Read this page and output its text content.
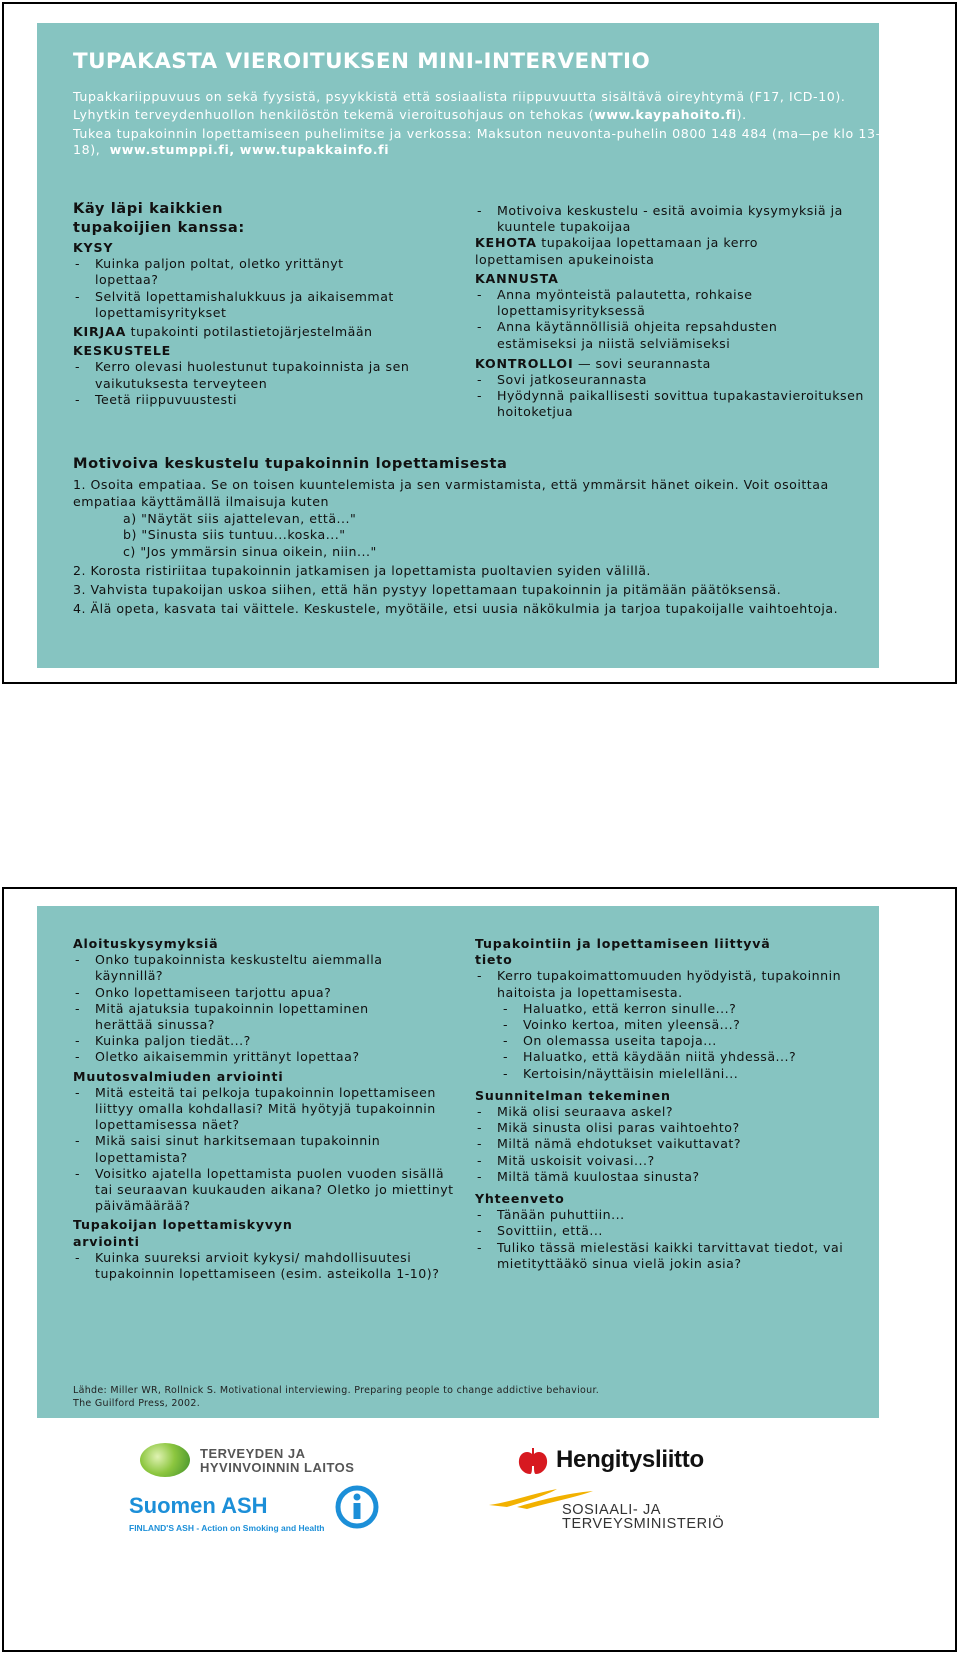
TUPAKASTA VIEROITUKSEN MINI-INTERVENTIO

Tupakkariippuvuus on sekä fyysistä, psyykkistä että sosiaalista riippuvuutta sisältävä oireyhtymä (F17, ICD-10).

Lyhytkin terveydenhuollon henkilöstön tekemä vieroitusohjaus on tehokas (www.kaypahoito.fi).

Tukea tupakoinnin lopettamiseen puhelimitse ja verkossa: Maksuton neuvonta-puhelin 0800 148 484 (ma—pe klo 13—18), www.stumppi.fi, www.tupakkainfo.fi

Käy läpi kaikkien tupakoijien kanssa:
KYSY
- Kuinka paljon poltat, oletko yrittänyt lopettaa?
- Selvitä lopettamishalukkuus ja aikaisemmat lopettamisyritykset
KIRJAA tupakointi potilastietojärjestelmään
KESKUSTELE
- Kerro olevasi huolestunut tupakoinnista ja sen vaikutuksesta terveyteen
- Teetä riippuvuustesti
- Motivoiva keskustelu - esitä avoimia kysymyksiä ja kuuntele tupakoijaa
KEHOTA tupakoijaa lopettamaan ja kerro lopettamisen apukeinoista
KANNUSTA
- Anna myönteistä palautetta, rohkaise lopettamisyrityksessä
- Anna käytännöllisiä ohjeita repsahdusten estämiseksi ja niistä selviämiseksi
KONTROLLOI — sovi seurannasta
- Sovi jatkoseurannasta
- Hyödynnä paikallisesti sovittua tupakastavieroituksen hoitoketjua
Motivoiva keskustelu tupakoinnin lopettamisesta
1. Osoita empatiaa. Se on toisen kuuntelemista ja sen varmistamista, että ymmärsit hänet oikein. Voit osoittaa empatiaa käyttämällä ilmaisuja kuten
a) "Näytät siis ajattelevan, että..."
b) "Sinusta siis tuntuu...koska..."
c) "Jos ymmärsin sinua oikein, niin..."
2. Korosta ristiriitaa tupakoinnin jatkamisen ja lopettamista puoltavien syiden välillä.
3. Vahvista tupakoijan uskoa siihen, että hän pystyy lopettamaan tupakoinnin ja pitämään päätöksensä.
4. Älä opeta, kasvata tai väittele. Keskustele, myötäile, etsi uusia näkökulmia ja tarjoa tupakoijalle vaihtoehtoja.
Aloituskysymyksiä
- Onko tupakoinnista keskusteltu aiemmalla käynnillä?
- Onko lopettamiseen tarjottu apua?
- Mitä ajatuksia tupakoinnin lopettaminen herättää sinussa?
- Kuinka paljon tiedät...?
- Oletko aikaisemmin yrittänyt lopettaa?
Muutosvalmiuden arviointi
- Mitä esteitä tai pelkoja tupakoinnin lopettamiseen liittyy omalla kohdallasi? Mitä hyötyjä tupakoinnin lopettamisessa näet?
- Mikä saisi sinut harkitsemaan tupakoinnin lopettamista?
- Voisitko ajatella lopettamista puolen vuoden sisällä tai seuraavan kuukauden aikana? Oletko jo miettinyt päivämäärää?
Tupakoijan lopettamiskyvyn arviointi
- Kuinka suureksi arvioit kykysi/ mahdollisuutesi tupakoinnin lopettamiseen (esim. asteikolla 1-10)?
Tupakointiin ja lopettamiseen liittyvä tieto
- Kerro tupakoimattomuuden hyödyistä, tupakoinnin haitoista ja lopettamisesta.
- Haluatko, että kerron sinulle...?
- Voinko kertoa, miten yleensä...?
- On olemassa useita tapoja...
- Haluatko, että käydään niitä yhdessä...?
- Kertoisin/näyttäisin mielelläni...
Suunnitelman tekeminen
- Mikä olisi seuraava askel?
- Mikä sinusta olisi paras vaihtoehto?
- Miltä nämä ehdotukset vaikuttavat?
- Mitä uskoisit voivasi...?
- Miltä tämä kuulostaa sinusta?
Yhteenveto
- Tänään puhuttiin...
- Sovittiin, että...
- Tuliko tässä mielestäsi kaikki tarvittavat tiedot, vai mietityttääkö sinua vielä jokin asia?
Lähde: Miller WR, Rollnick S. Motivational interviewing. Preparing people to change addictive behaviour.
The Guilford Press, 2002.
TERVEYDEN JA
HYVINVOINNIN LAITOS	Hengitysliitto
Suomen ASH
FINLAND'S ASH - Action on Smoking and Health
SOSIAALI- JA
TERVEYSMINISTERIÖ
